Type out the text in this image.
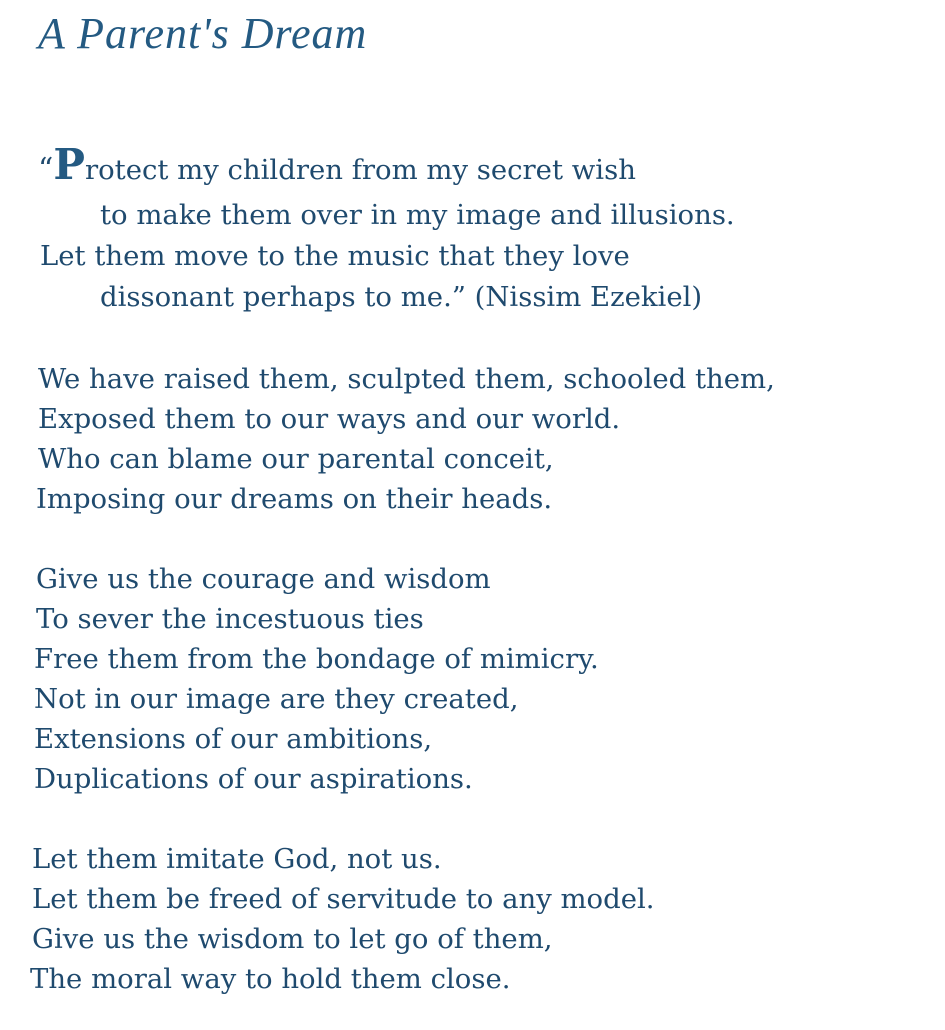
A Parent's Dream

“Protect my children from my secret wish

to make them over in my image and illusions.

Let them move to the music that they love

dissonant perhaps to me.” (Nissim Ezekiel)

We have raised them, sculpted them, schooled them,

Exposed them to our ways and our world.

Who can blame our parental conceit,

Imposing our dreams on their heads.

Give us the courage and wisdom

To sever the incestuous ties

Free them from the bondage of mimicry.

Not in our image are they created,

Extensions of our ambitions,

Duplications of our aspirations.

Let them imitate God, not us.

Let them be freed of servitude to any model.

Give us the wisdom to let go of them,

The moral way to hold them close.
